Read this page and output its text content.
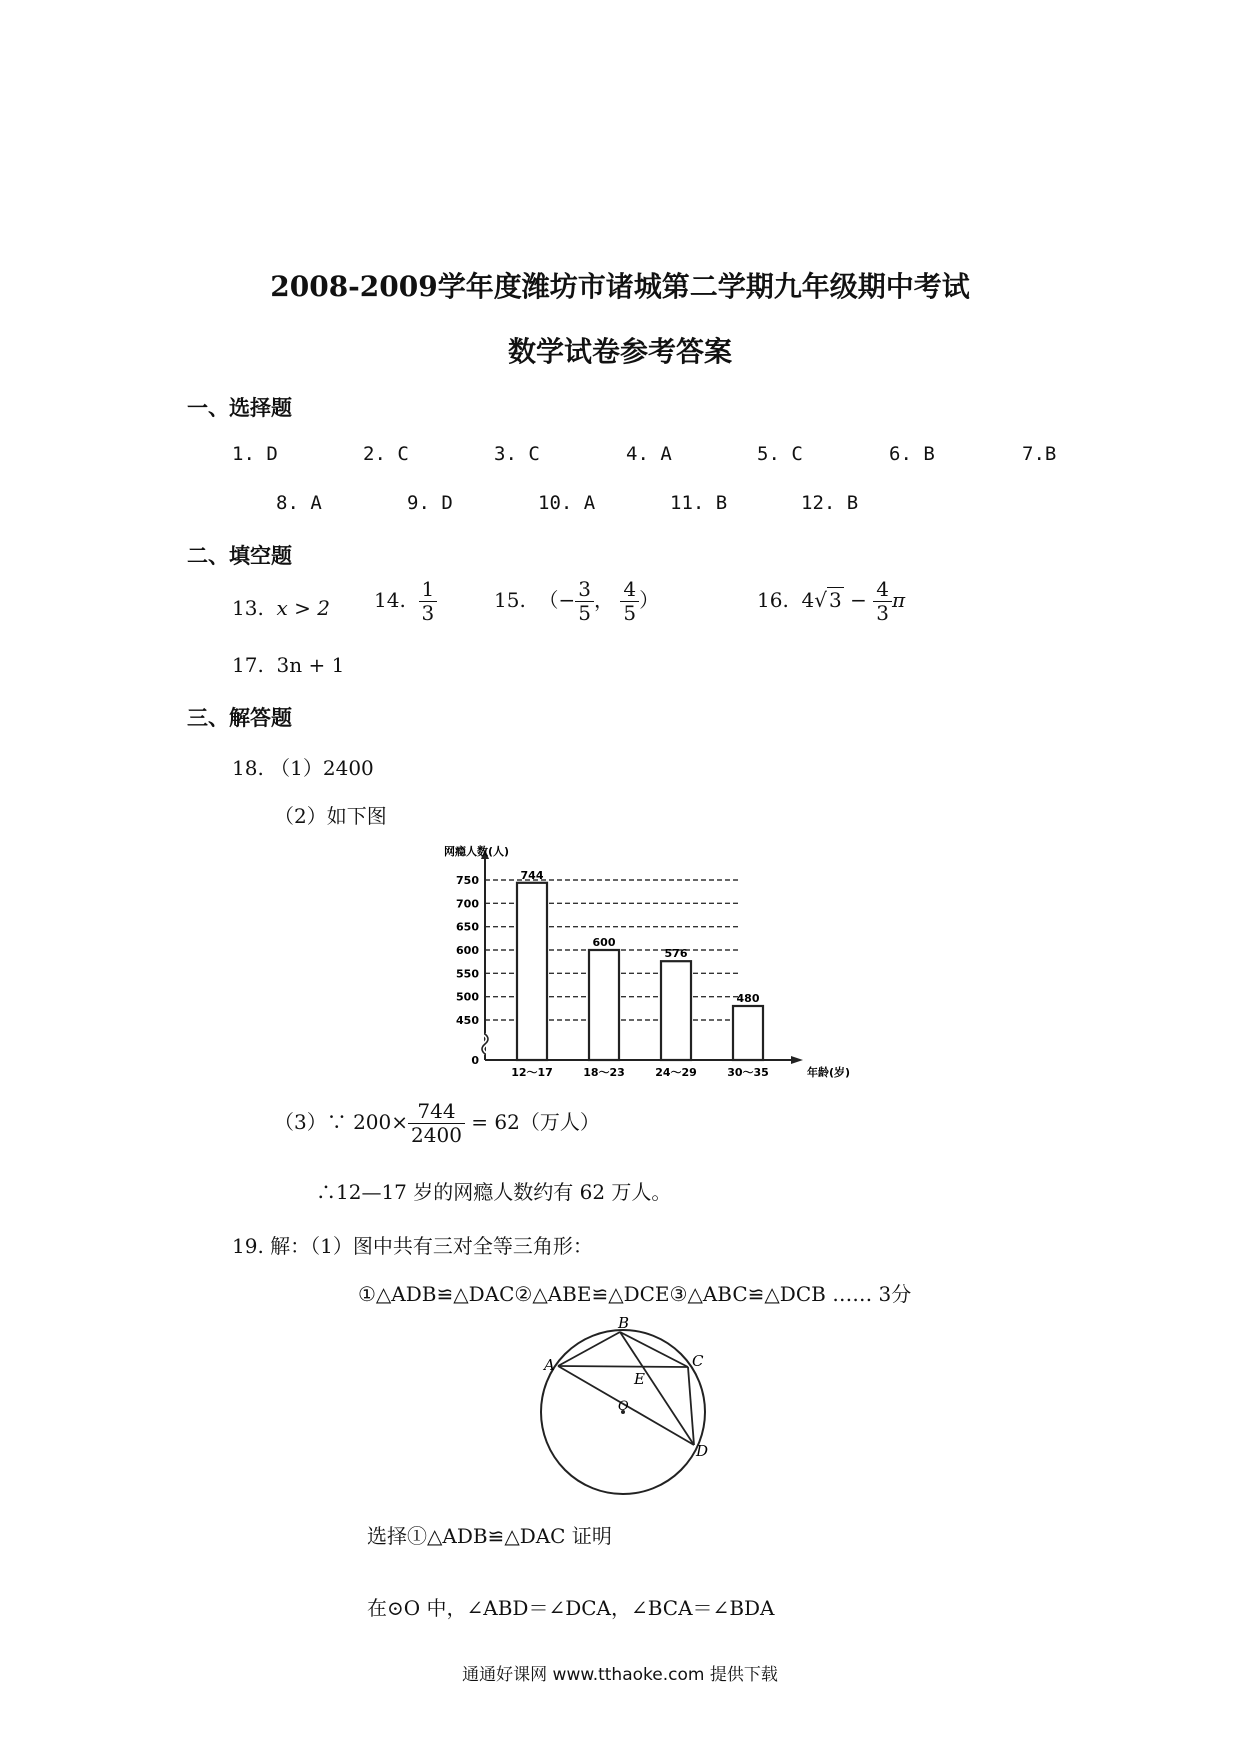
2008-2009学年度潍坊市诸城第二学期九年级期中考试
数学试卷参考答案
一、选择题
1. D	2. C	3. C	4. A	5. C	6. B	7.B
8. A	9. D	10. A	11. B	12. B
二、填空题
13. x > 2 14. $\frac{1}{3}$	15. （− $\frac{3}{5}$ ， $\frac{4}{5}$ ）	16. 4√ $3 - \frac{4}{3}$ π
17. 3n + 1
三、解答题
18. （1）2400
（2）如下图
0
450
500
550
600
650
700
750
网瘾人数(人)
年龄(岁)
744
12～17
600
18～23
576
24～29
480
30～35
（3）∵ $200\times \frac{744}{2400} = 62$（万人）
∴12—17 岁的网瘾人数约有 62 万人。
19. 解：（1）图中共有三对全等三角形：
①△ADB≌△DAC②△ABE≌△DCE③△ABC≌△DCB …… 3分
A
B
C
D
E
O
选择①△ADB≌△DAC 证明
在⊙O 中，∠ABD＝∠DCA，∠BCA＝∠BDA
通通好课网 www.tthaoke.com 提供下载
